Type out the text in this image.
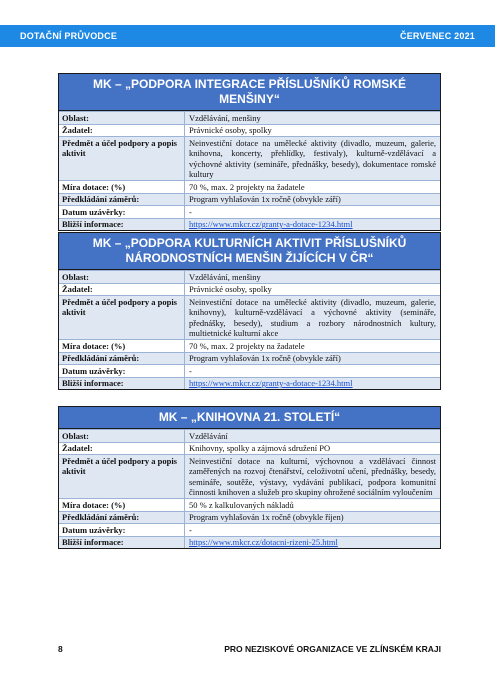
DOTAČNÍ PRŮVODCE	ČERVENEC 2021
MK – „PODPORA INTEGRACE PŘÍSLUŠNÍKŮ ROMSKÉ MENŠINY“
Oblast:	Vzdělávání, menšiny
Žadatel:	Právnické osoby, spolky
Předmět a účel podpory a popis aktivit
Neinvestiční dotace na umělecké aktivity (divadlo, muzeum, galerie, knihovna, koncerty, přehlídky, festivaly), kulturně-vzdělávací a výchovné aktivity (semináře, přednášky, besedy), dokumentace romské kultury
Míra dotace: (%)	70 %, max. 2 projekty na žadatele
Předkládání záměrů:	Program vyhlašován 1x ročně (obvykle září)
Datum uzávěrky:	-
Bližší informace:	https://www.mkcr.cz/granty-a-dotace-1234.html
MK – „PODPORA KULTURNÍCH AKTIVIT PŘÍSLUŠNÍKŮ NÁRODNOSTNÍCH MENŠIN ŽIJÍCÍCH V ČR“
Oblast:	Vzdělávání, menšiny
Žadatel:	Právnické osoby, spolky
Předmět a účel podpory a popis aktivit
Neinvestiční dotace na umělecké aktivity (divadlo, muzeum, galerie, knihovny), kulturně-vzdělávací a výchovné aktivity (semináře, přednášky, besedy), studium a rozbory národnostních kultury, multietnické kulturní akce
Míra dotace: (%)	70 %, max. 2 projekty na žadatele
Předkládání záměrů:	Program vyhlašován 1x ročně (obvykle září)
Datum uzávěrky:	-
Bližší informace:	https://www.mkcr.cz/granty-a-dotace-1234.html
MK – „KNIHOVNA 21. STOLETÍ“
Oblast:	Vzdělávání
Žadatel:	Knihovny, spolky a zájmová sdružení PO
Předmět a účel podpory a popis aktivit
Neinvestiční dotace na kulturní, výchovnou a vzdělávací činnost zaměřených na rozvoj čtenářství, celoživotní učení, přednášky, besedy, semináře, soutěže, výstavy, vydávání publikací, podpora komunitní činnosti knihoven a služeb pro skupiny ohrožené sociálním vyloučením
Míra dotace: (%)	50 % z kalkulovaných nákladů
Předkládání záměrů:	Program vyhlašován 1x ročně (obvykle říjen)
Datum uzávěrky:	-
Bližší informace:	https://www.mkcr.cz/dotacni-rizeni-25.html
8	PRO NEZISKOVÉ ORGANIZACE VE ZLÍNSKÉM KRAJI
